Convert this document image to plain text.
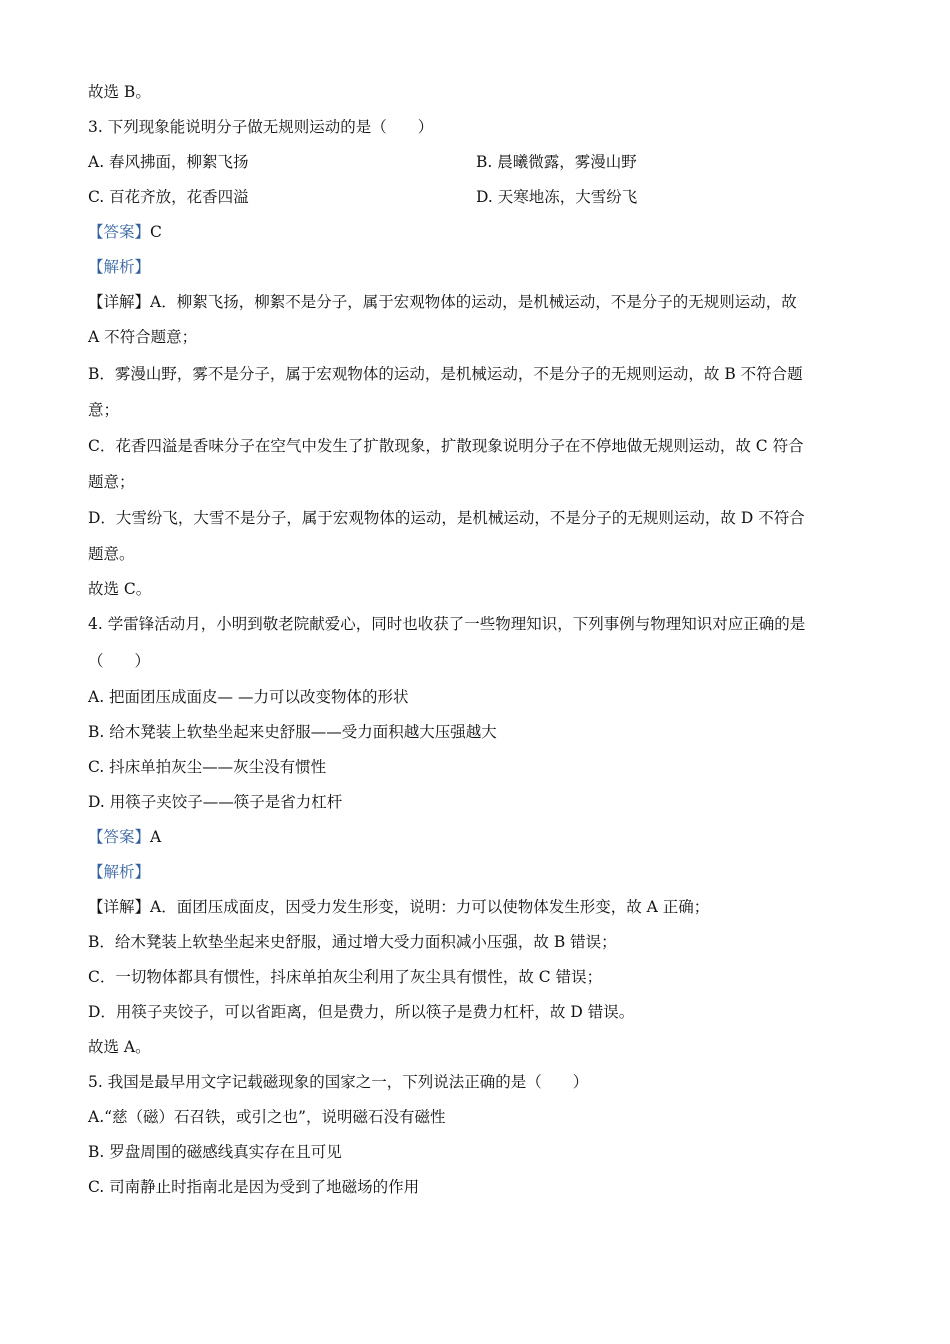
故选 B。
3. 下列现象能说明分子做无规则运动的是（　　）
A. 春风拂面，柳絮飞扬	B. 晨曦微露，雾漫山野
C. 百花齐放，花香四溢	D. 天寒地冻，大雪纷飞
【答案】C
【解析】
【详解】A．柳絮飞扬，柳絮不是分子，属于宏观物体的运动，是机械运动，不是分子的无规则运动，故
A 不符合题意；
B．雾漫山野，雾不是分子，属于宏观物体的运动，是机械运动，不是分子的无规则运动，故 B 不符合题
意；
C．花香四溢是香味分子在空气中发生了扩散现象，扩散现象说明分子在不停地做无规则运动，故 C 符合
题意；
D．大雪纷飞，大雪不是分子，属于宏观物体的运动，是机械运动，不是分子的无规则运动，故 D 不符合
题意。
故选 C。
4. 学雷锋活动月，小明到敬老院献爱心，同时也收获了一些物理知识，下列事例与物理知识对应正确的是
（　　）
A. 把面团压成面皮— —力可以改变物体的形状
B. 给木凳装上软垫坐起来史舒服——受力面积越大压强越大
C. 抖床单拍灰尘——灰尘没有惯性
D. 用筷子夹饺子——筷子是省力杠杆
【答案】A
【解析】
【详解】A．面团压成面皮，因受力发生形变，说明：力可以使物体发生形变，故 A 正确；
B．给木凳装上软垫坐起来史舒服，通过增大受力面积减小压强，故 B 错误；
C．一切物体都具有惯性，抖床单拍灰尘利用了灰尘具有惯性，故 C 错误；
D．用筷子夹饺子，可以省距离，但是费力，所以筷子是费力杠杆，故 D 错误。
故选 A。
5. 我国是最早用文字记载磁现象的国家之一，下列说法正确的是（　　）
A.“慈（磁）石召铁，或引之也”，说明磁石没有磁性
B. 罗盘周围的磁感线真实存在且可见
C. 司南静止时指南北是因为受到了地磁场的作用
